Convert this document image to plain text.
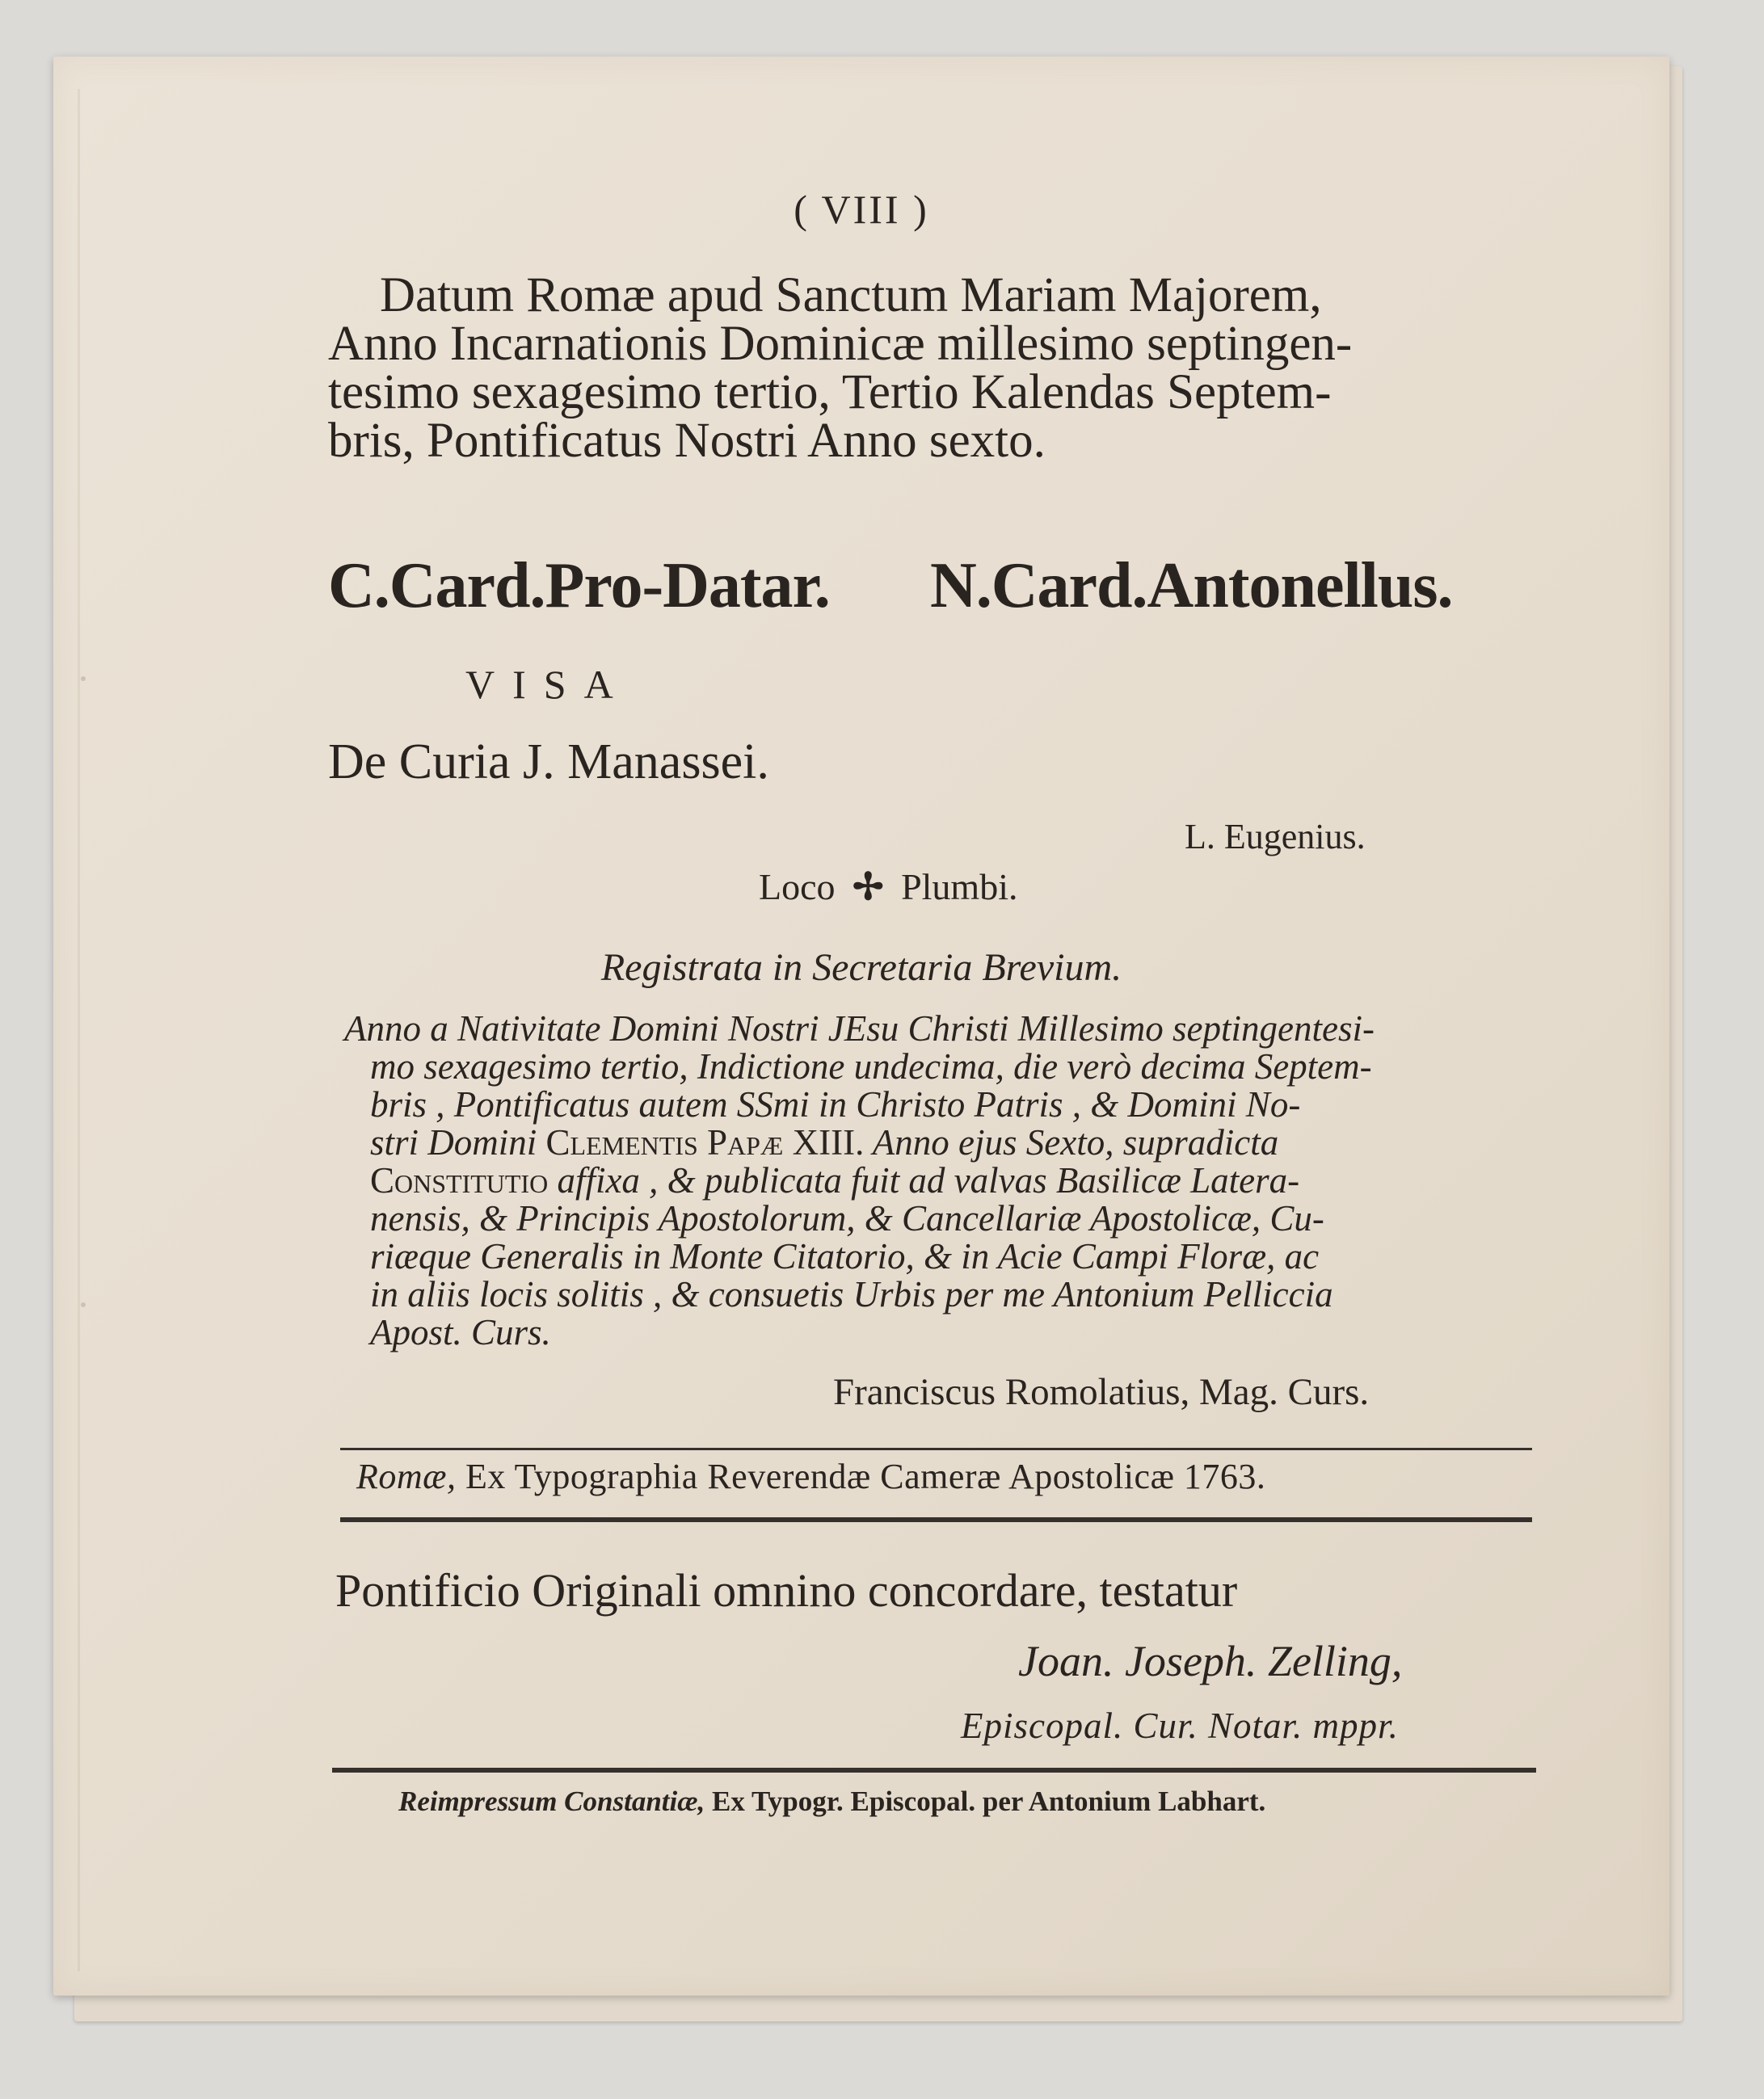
( VIII )
Datum Romæ apud Sanctum Mariam Majorem,
Anno Incarnationis Dominicæ millesimo septingen-
tesimo sexagesimo tertio, Tertio Kalendas Septem-
bris, Pontificatus Nostri Anno sexto.
C.Card.Pro-Datar. N.Card.Antonellus.
VISA
De Curia J. Manassei.
L. Eugenius.
Loco ✢ Plumbi.
Registrata in Secretaria Brevium.
Anno a Nativitate Domini Nostri JEsu Christi Millesimo septingentesi-
mo sexagesimo tertio, Indictione undecima, die verò decima Septem-
bris , Pontificatus autem SSmi in Christo Patris , & Domini No-
stri Domini Clementis Papæ XIII. Anno ejus Sexto, supradicta
Constitutio affixa , & publicata fuit ad valvas Basilicæ Latera-
nensis, & Principis Apostolorum, & Cancellariæ Apostolicæ, Cu-
riæque Generalis in Monte Citatorio, & in Acie Campi Floræ, ac
in aliis locis solitis , & consuetis Urbis per me Antonium Pelliccia
Apost. Curs.
Franciscus Romolatius, Mag. Curs.
Romæ, Ex Typographia Reverendæ Cameræ Apostolicæ 1763.
Pontificio Originali omnino concordare, testatur
Joan. Joseph. Zelling,
Episcopal. Cur. Notar. mppr.
Reimpressum Constantiæ, Ex Typogr. Episcopal. per Antonium Labhart.
